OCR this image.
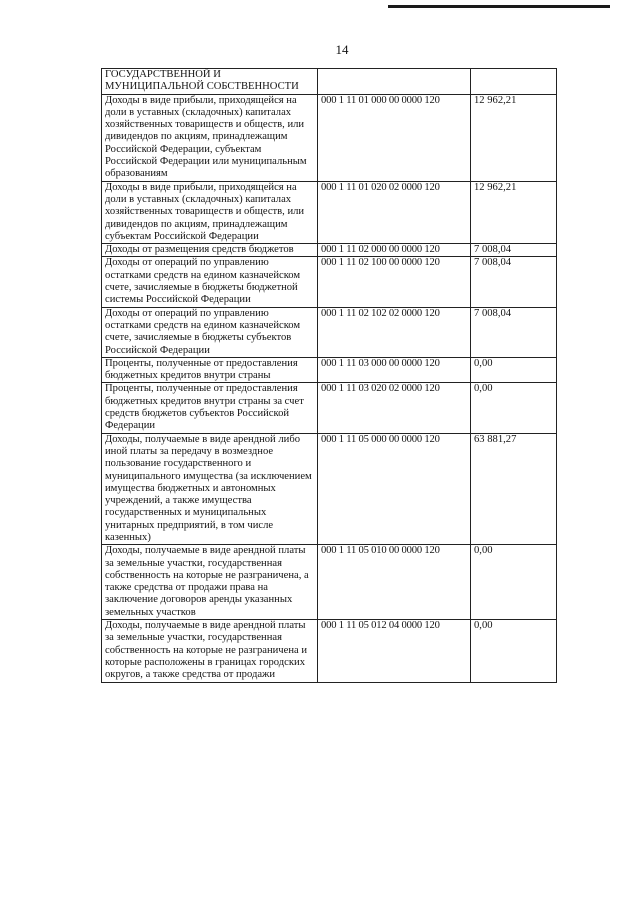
14
ГОСУДАРСТВЕННОЙ И МУНИЦИПАЛЬНОЙ СОБСТВЕННОСТИ		
Доходы в виде прибыли, приходящейся на доли в уставных (складочных) капиталах хозяйственных товариществ и обществ, или дивидендов по акциям, принадлежащим Российской Федерации, субъектам Российской Федерации или муниципальным образованиям	000 1 11 01 000 00 0000 120	12 962,21
Доходы в виде прибыли, приходящейся на доли в уставных (складочных) капиталах хозяйственных товариществ и обществ, или дивидендов по акциям, принадлежащим субъектам Российской Федерации	000 1 11 01 020 02 0000 120	12 962,21
Доходы от размещения средств бюджетов	000 1 11 02 000 00 0000 120	7 008,04
Доходы от операций по управлению остатками средств на едином казначейском счете, зачисляемые в бюджеты бюджетной системы Российской Федерации	000 1 11 02 100 00 0000 120	7 008,04
Доходы от операций по управлению остатками средств на едином казначейском счете, зачисляемые в бюджеты субъектов Российской Федерации	000 1 11 02 102 02 0000 120	7 008,04
Проценты, полученные от предоставления бюджетных кредитов внутри страны	000 1 11 03 000 00 0000 120	0,00
Проценты, полученные от предоставления бюджетных кредитов внутри страны за счет средств бюджетов субъектов Российской Федерации	000 1 11 03 020 02 0000 120	0,00
Доходы, получаемые в виде арендной либо иной платы за передачу в возмездное пользование государственного и муниципального имущества (за исключением имущества бюджетных и автономных учреждений, а также имущества государственных и муниципальных унитарных предприятий, в том числе казенных)	000 1 11 05 000 00 0000 120	63 881,27
Доходы, получаемые в виде арендной платы за земельные участки, государственная собственность на которые не разграничена, а также средства от продажи права на заключение договоров аренды указанных земельных участков	000 1 11 05 010 00 0000 120	0,00
Доходы, получаемые в виде арендной платы за земельные участки, государственная собственность на которые не разграничена и которые расположены в границах городских округов, а также средства от продажи	000 1 11 05 012 04 0000 120	0,00
